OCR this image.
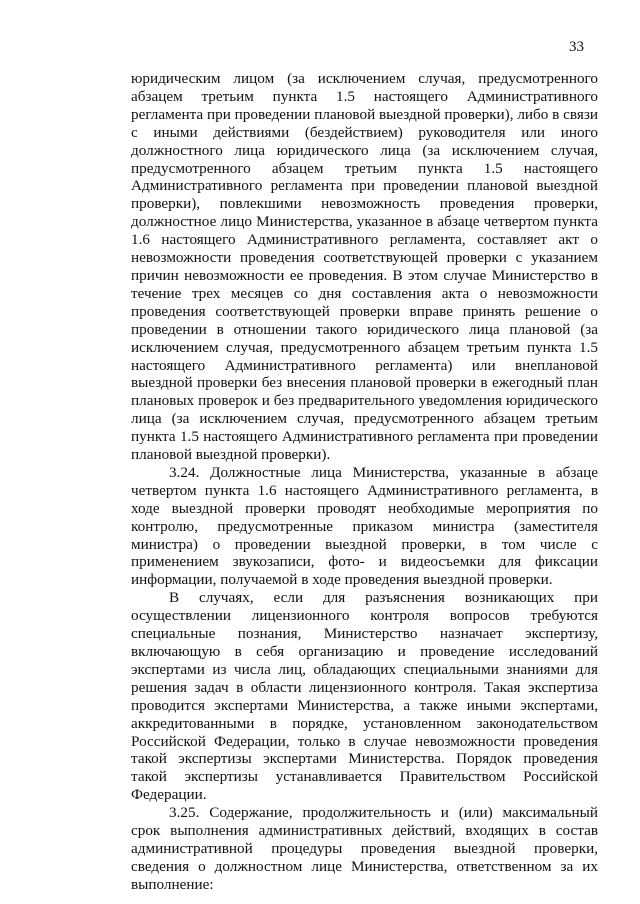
33

юридическим лицом (за исключением случая, предусмотренного абзацем третьим пункта 1.5 настоящего Административного регламента при проведении плановой выездной проверки), либо в связи с иными действиями (бездействием) руководителя или иного должностного лица юридического лица (за исключением случая, предусмотренного абзацем третьим пункта 1.5 настоящего Административного регламента при проведении плановой выездной проверки), повлекшими невозможность проведения проверки, должностное лицо Министерства, указанное в абзаце четвертом пункта 1.6 настоящего Административного регламента, составляет акт о невозможности проведения соответствующей проверки с указанием причин невозможности ее проведения. В этом случае Министерство в течение трех месяцев со дня составления акта о невозможности проведения соответствующей проверки вправе принять решение о проведении в отношении такого юридического лица плановой (за исключением случая, предусмотренного абзацем третьим пункта 1.5 настоящего Административного регламента) или внеплановой выездной проверки без внесения плановой проверки в ежегодный план плановых проверок и без предварительного уведомления юридического лица (за исключением случая, предусмотренного абзацем третьим пункта 1.5 настоящего Административного регламента при проведении плановой выездной проверки).

3.24. Должностные лица Министерства, указанные в абзаце четвертом пункта 1.6 настоящего Административного регламента, в ходе выездной проверки проводят необходимые мероприятия по контролю, предусмотренные приказом министра (заместителя министра) о проведении выездной проверки, в том числе с применением звукозаписи, фото- и видеосъемки для фиксации информации, получаемой в ходе проведения выездной проверки.

В случаях, если для разъяснения возникающих при осуществлении лицензионного контроля вопросов требуются специальные познания, Министерство назначает экспертизу, включающую в себя организацию и проведение исследований экспертами из числа лиц, обладающих специальными знаниями для решения задач в области лицензионного контроля. Такая экспертиза проводится экспертами Министерства, а также иными экспертами, аккредитованными в порядке, установленном законодательством Российской Федерации, только в случае невозможности проведения такой экспертизы экспертами Министерства. Порядок проведения такой экспертизы устанавливается Правительством Российской Федерации.

3.25. Содержание, продолжительность и (или) максимальный срок выполнения административных действий, входящих в состав административной процедуры проведения выездной проверки, сведения о должностном лице Министерства, ответственном за их выполнение:
